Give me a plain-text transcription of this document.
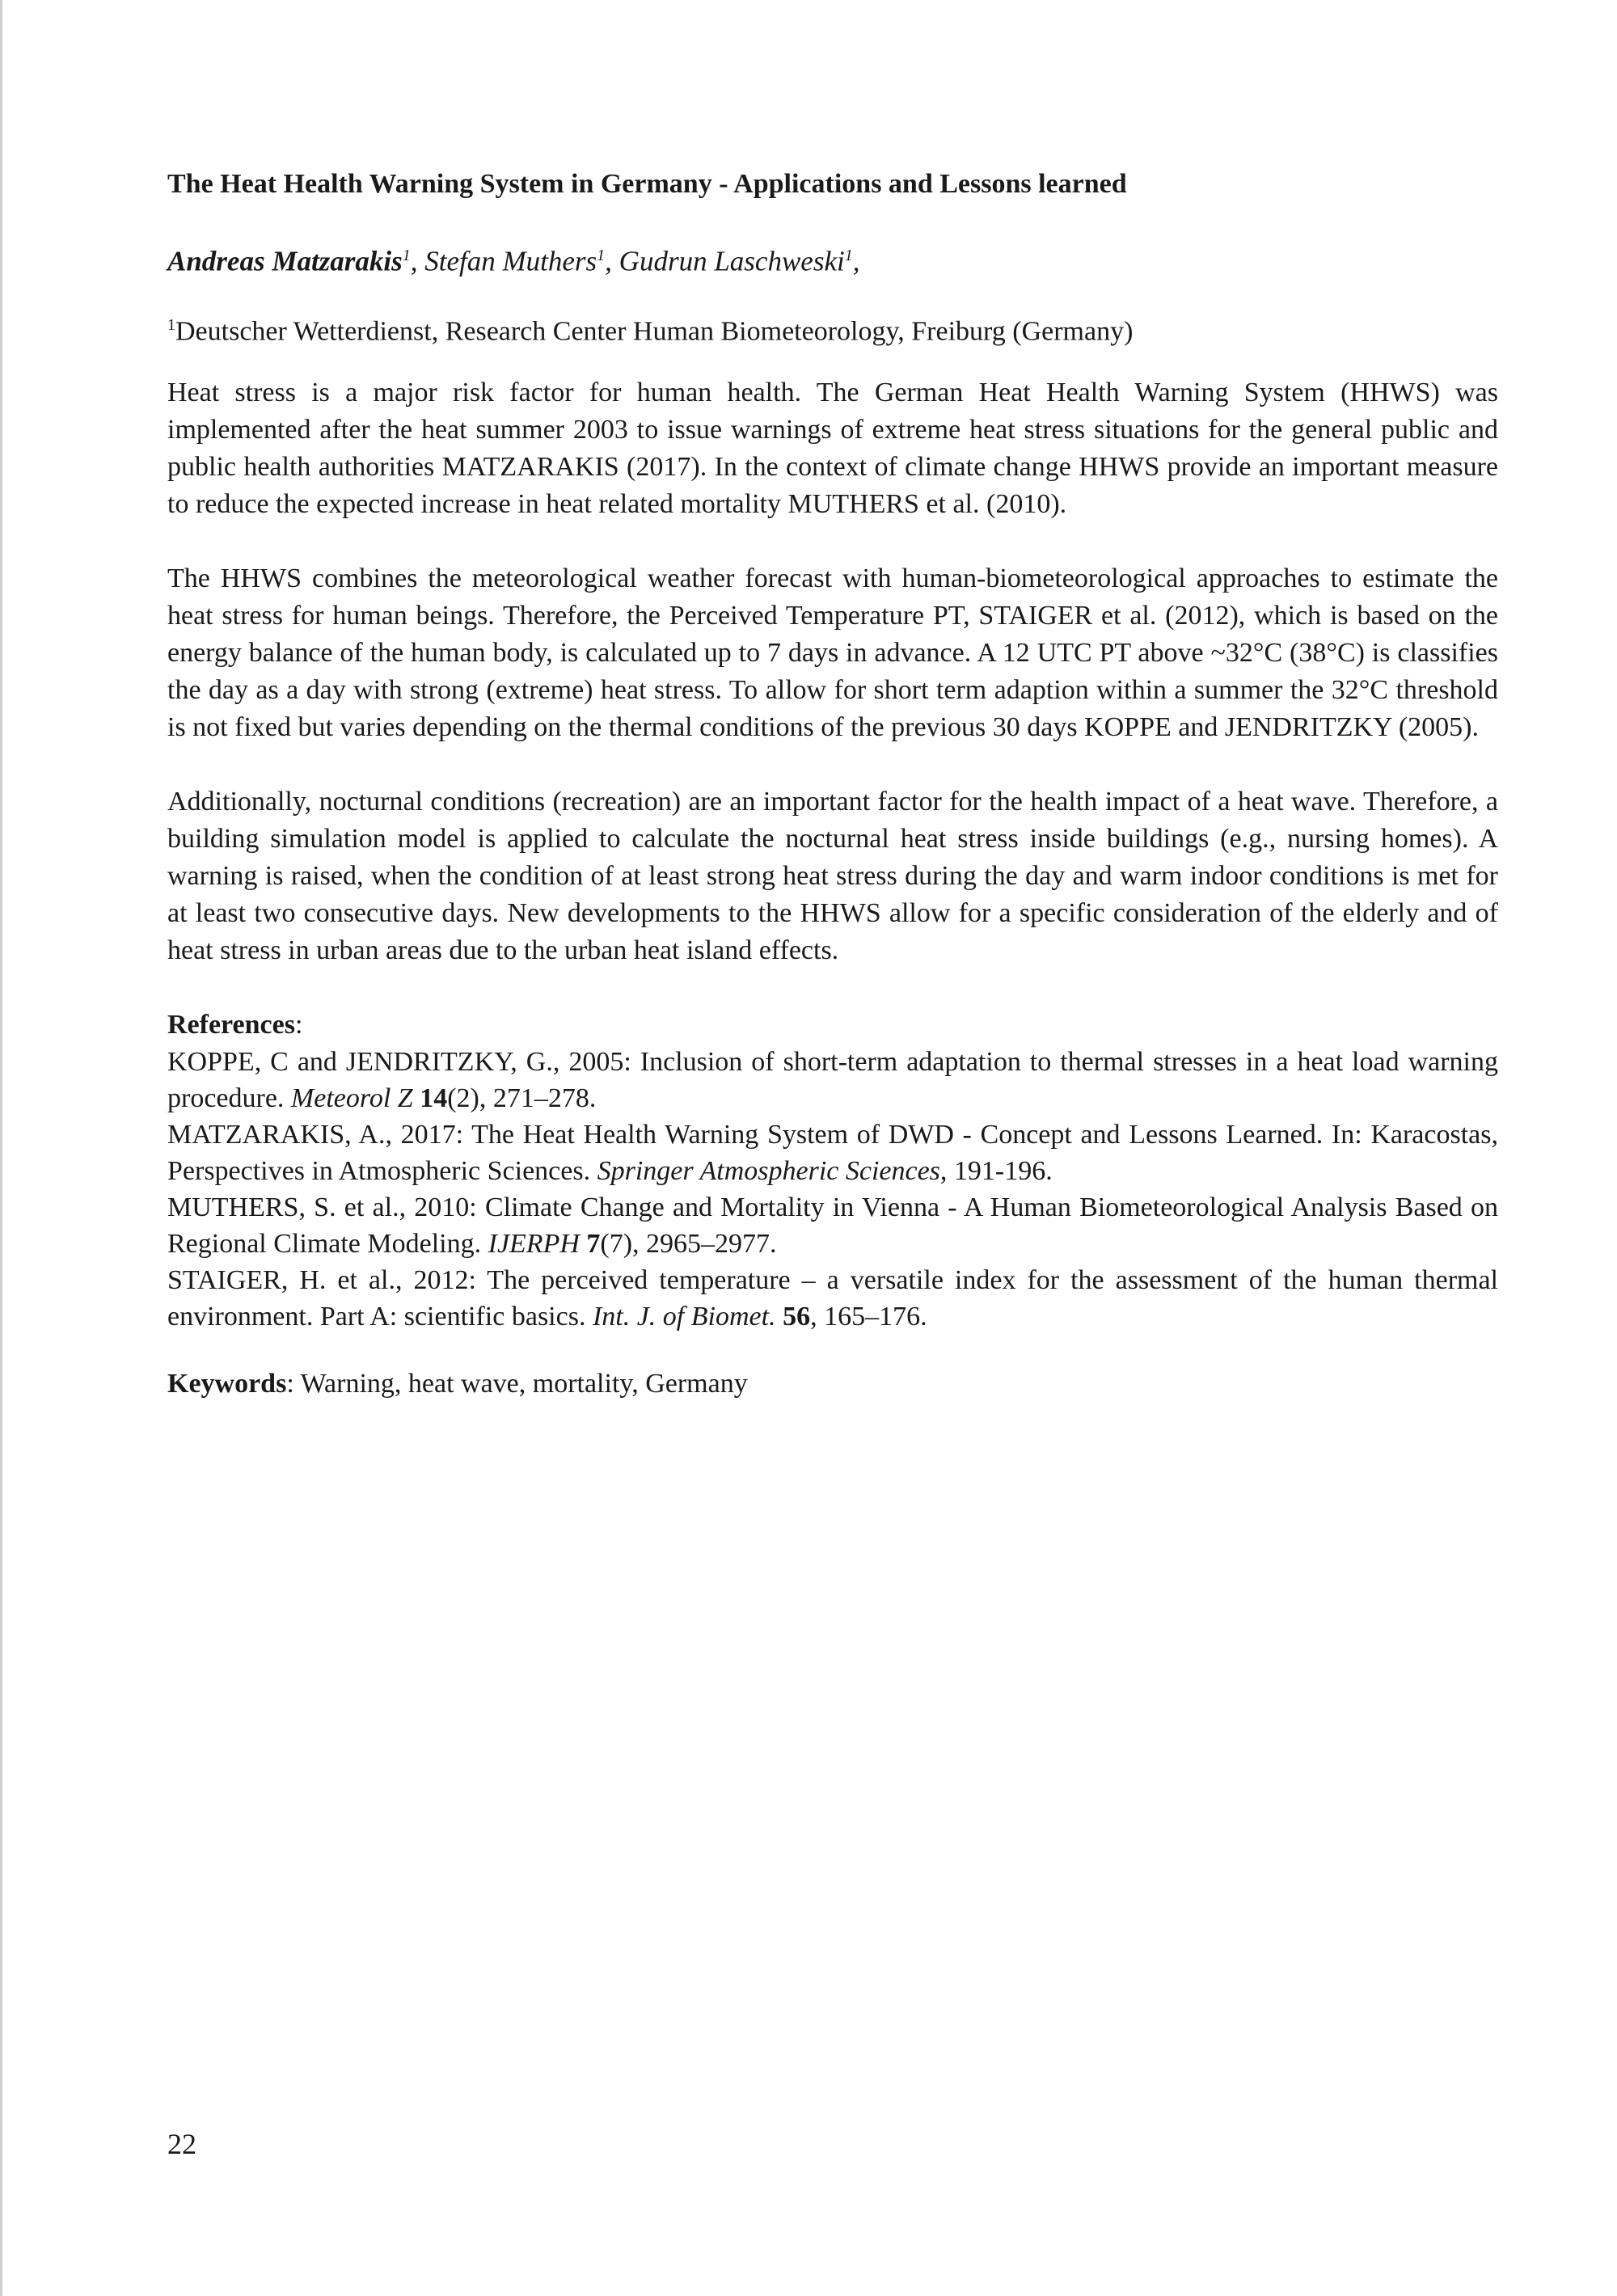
The Heat Health Warning System in Germany - Applications and Lessons learned
Andreas Matzarakis$^1$, Stefan Muthers$^1$, Gudrun Laschweski$^1$,
$^1$Deutscher Wetterdienst, Research Center Human Biometeorology, Freiburg (Germany)

Heat stress is a major risk factor for human health. The German Heat Health Warning System (HHWS) was implemented after the heat summer 2003 to issue warnings of extreme heat stress situations for the general public and public health authorities MATZARAKIS (2017). In the context of climate change HHWS provide an important measure to reduce the expected increase in heat related mortality MUTHERS et al. (2010).

The HHWS combines the meteorological weather forecast with human-biometeorological approaches to estimate the heat stress for human beings. Therefore, the Perceived Temperature PT, STAIGER et al. (2012), which is based on the energy balance of the human body, is calculated up to 7 days in advance. A 12 UTC PT above ~32°C (38°C) is classifies the day as a day with strong (extreme) heat stress. To allow for short term adaption within a summer the 32°C threshold is not fixed but varies depending on the thermal conditions of the previous 30 days KOPPE and JENDRITZKY (2005).

Additionally, nocturnal conditions (recreation) are an important factor for the health impact of a heat wave. Therefore, a building simulation model is applied to calculate the nocturnal heat stress inside buildings (e.g., nursing homes). A warning is raised, when the condition of at least strong heat stress during the day and warm indoor conditions is met for at least two consecutive days. New developments to the HHWS allow for a specific consideration of the elderly and of heat stress in urban areas due to the urban heat island effects.

References:
KOPPE, C and JENDRITZKY, G., 2005: Inclusion of short-term adaptation to thermal stresses in a heat load warning procedure. Meteorol Z 14(2), 271–278.
MATZARAKIS, A., 2017: The Heat Health Warning System of DWD - Concept and Lessons Learned. In: Karacostas, Perspectives in Atmospheric Sciences. Springer Atmospheric Sciences, 191-196.
MUTHERS, S. et al., 2010: Climate Change and Mortality in Vienna - A Human Biometeorological Analysis Based on Regional Climate Modeling. IJERPH 7(7), 2965–2977.
STAIGER, H. et al., 2012: The perceived temperature – a versatile index for the assessment of the human thermal environment. Part A: scientific basics. Int. J. of Biomet. 56, 165–176.
Keywords: Warning, heat wave, mortality, Germany
22
